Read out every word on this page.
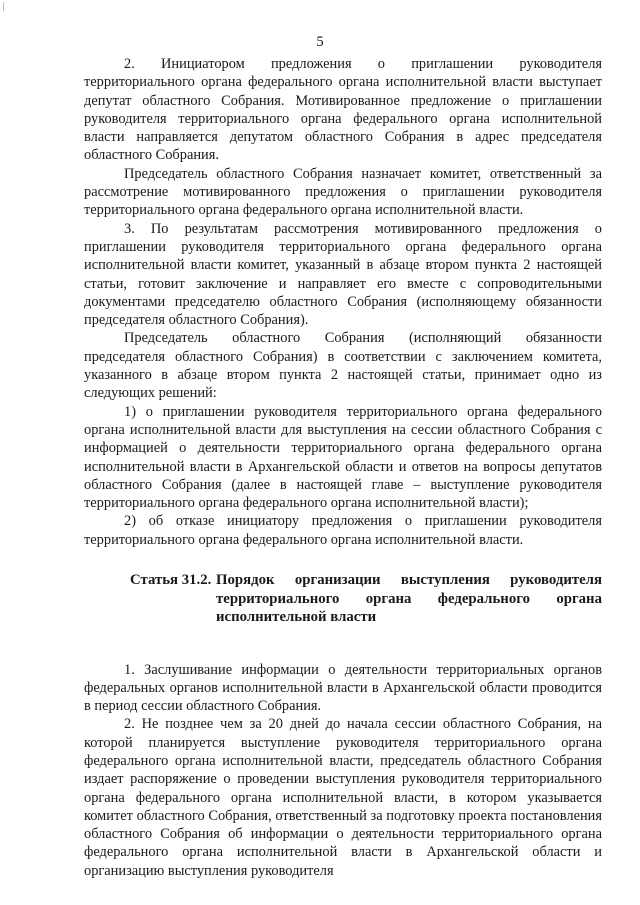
5

2. Инициатором предложения о приглашении руководителя территориального органа федерального органа исполнительной власти выступает депутат областного Собрания. Мотивированное предложение о приглашении руководителя территориального органа федерального органа исполнительной власти направляется депутатом областного Собрания в адрес председателя областного Собрания.

Председатель областного Собрания назначает комитет, ответственный за рассмотрение мотивированного предложения о приглашении руководителя территориального органа федерального органа исполнительной власти.

3. По результатам рассмотрения мотивированного предложения о приглашении руководителя территориального органа федерального органа исполнительной власти комитет, указанный в абзаце втором пункта 2 настоящей статьи, готовит заключение и направляет его вместе с сопроводительными документами председателю областного Собрания (исполняющему обязанности председателя областного Собрания).

Председатель областного Собрания (исполняющий обязанности председателя областного Собрания) в соответствии с заключением комитета, указанного в абзаце втором пункта 2 настоящей статьи, принимает одно из следующих решений:

1) о приглашении руководителя территориального органа федерального органа исполнительной власти для выступления на сессии областного Собрания с информацией о деятельности территориального органа федерального органа исполнительной власти в Архангельской области и ответов на вопросы депутатов областного Собрания (далее в настоящей главе – выступление руководителя территориального органа федерального органа исполнительной власти);

2) об отказе инициатору предложения о приглашении руководителя территориального органа федерального органа исполнительной власти.

Статья 31.2. Порядок организации выступления руководителя территориального органа федерального органа исполнительной власти

1. Заслушивание информации о деятельности территориальных органов федеральных органов исполнительной власти в Архангельской области проводится в период сессии областного Собрания.

2. Не позднее чем за 20 дней до начала сессии областного Собрания, на которой планируется выступление руководителя территориального органа федерального органа исполнительной власти, председатель областного Собрания издает распоряжение о проведении выступления руководителя территориального органа федерального органа исполнительной власти, в котором указывается комитет областного Собрания, ответственный за подготовку проекта постановления областного Собрания об информации о деятельности территориального органа федерального органа исполнительной власти в Архангельской области и организацию выступления руководителя
